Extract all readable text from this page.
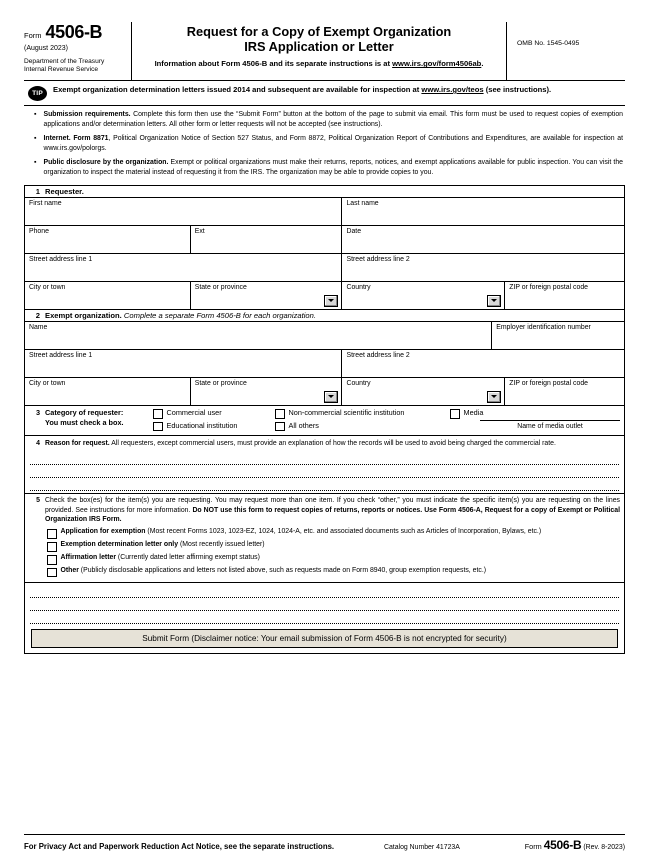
Form 4506-B
(August 2023)
Department of the Treasury
Internal Revenue Service
Request for a Copy of Exempt Organization
IRS Application or Letter
Information about Form 4506-B and its separate instructions is at www.irs.gov/form4506ab.
OMB No. 1545-0495
TIP	Exempt organization determination letters issued 2014 and subsequent are available for inspection at www.irs.gov/teos (see instructions).
▪ Submission requirements. Complete this form then use the “Submit Form” button at the bottom of the page to submit via email. This form must be used to request copies of exemption applications and/or determination letters. All other form or letter requests will not be accepted (see instructions).
▪ Internet. Form 8871, Political Organization Notice of Section 527 Status, and Form 8872, Political Organization Report of Contributions and Expenditures, are available for inspection at www.irs.gov/polorgs.
▪ Public disclosure by the organization. Exempt or political organizations must make their returns, reports, notices, and exempt applications available for public inspection. You can visit the organization to inspect the material instead of requesting it from the IRS. The organization may be able to provide copies to you.
1 Requester.
First name	Last name
Phone	Ext	Date
Street address line 1	Street address line 2
City or town	State or province	Country	ZIP or foreign postal code
2 Exempt organization. Complete a separate Form 4506-B for each organization.
Name	Employer identification number
Street address line 1	Street address line 2
City or town	State or province	Country	ZIP or foreign postal code
3 Category of requester:
You must check a box.
Commercial user	Non-commercial scientific institution	Media
Educational institution	All others	Name of media outlet
4 Reason for request. All requesters, except commercial users, must provide an explanation of how the records will be used to avoid being charged the commercial rate.
5 Check the box(es) for the item(s) you are requesting. You may request more than one item. If you check “other,” you must indicate the specific item(s) you are requesting on the lines provided. See instructions for more information. Do NOT use this form to request copies of returns, reports or notices. Use Form 4506-A, Request for a copy of Exempt or Political Organization IRS Form.
Application for exemption (Most recent Forms 1023, 1023-EZ, 1024, 1024-A, etc. and associated documents such as Articles of Incorporation, Bylaws, etc.)
Exemption determination letter only (Most recently issued letter)
Affirmation letter (Currently dated letter affirming exempt status)
Other (Publicly disclosable applications and letters not listed above, such as requests made on Form 8940, group exemption requests, etc.)
Submit Form (Disclaimer notice: Your email submission of Form 4506-B is not encrypted for security)
For Privacy Act and Paperwork Reduction Act Notice, see the separate instructions.	Catalog Number 41723A	Form 4506-B (Rev. 8-2023)
